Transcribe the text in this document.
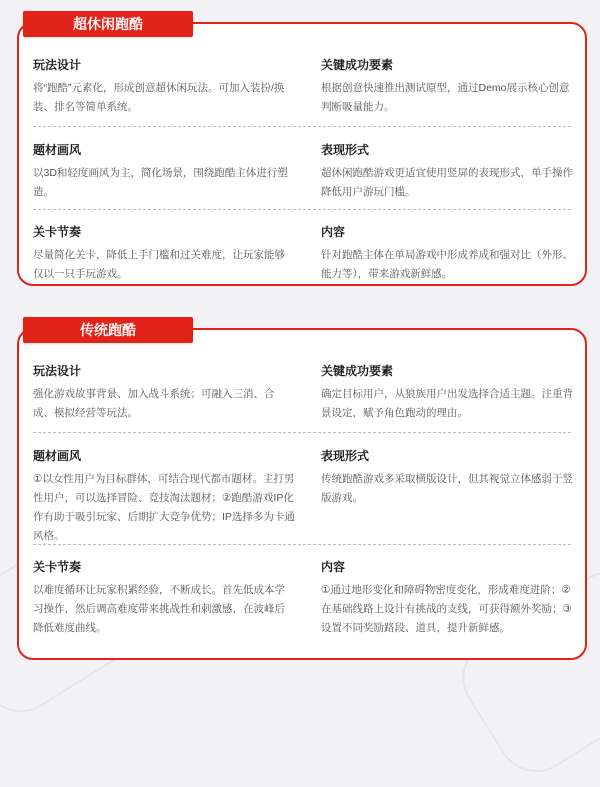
超休闲跑酷
玩法设计

将“跑酷”元素化，形成创意超休闲玩法。可加入装扮/换装、排名等简单系统。

关键成功要素

根据创意快速推出测试原型，通过Demo展示核心创意判断吸量能力。

题材画风

以3D和轻度画风为主，简化场景，围绕跑酷主体进行塑造。

表现形式

超休闲跑酷游戏更适宜使用竖屏的表现形式，单手操作降低用户游玩门槛。

关卡节奏

尽量简化关卡，降低上手门槛和过关难度，让玩家能够仅以一只手玩游戏。

内容

针对跑酷主体在单局游戏中形成养成和强对比（外形、能力等），带来游戏新鲜感。

传统跑酷
玩法设计

强化游戏故事背景、加入战斗系统；可融入三消、合成、模拟经营等玩法。

关键成功要素

确定目标用户，从狼族用户出发选择合适主题。注重背景设定，赋予角色跑动的理由。

题材画风

①以女性用户为目标群体，可结合现代都市题材。主打男性用户，可以选择冒险、竞技淘汰题材；②跑酷游戏IP化作有助于吸引玩家、后期扩大竞争优势；IP选择多为卡通风格。

表现形式

传统跑酷游戏多采取横版设计，但其视觉立体感弱于竖版游戏。

关卡节奏

以难度循环让玩家积累经验，不断成长。首先低成本学习操作，然后调高难度带来挑战性和刺激感，在波峰后降低难度曲线。

内容

①通过地形变化和障碍物密度变化，形成难度进阶；②在基础线路上设计有挑战的支线，可获得额外奖励；③设置不同奖励路段、道具，提升新鲜感。
